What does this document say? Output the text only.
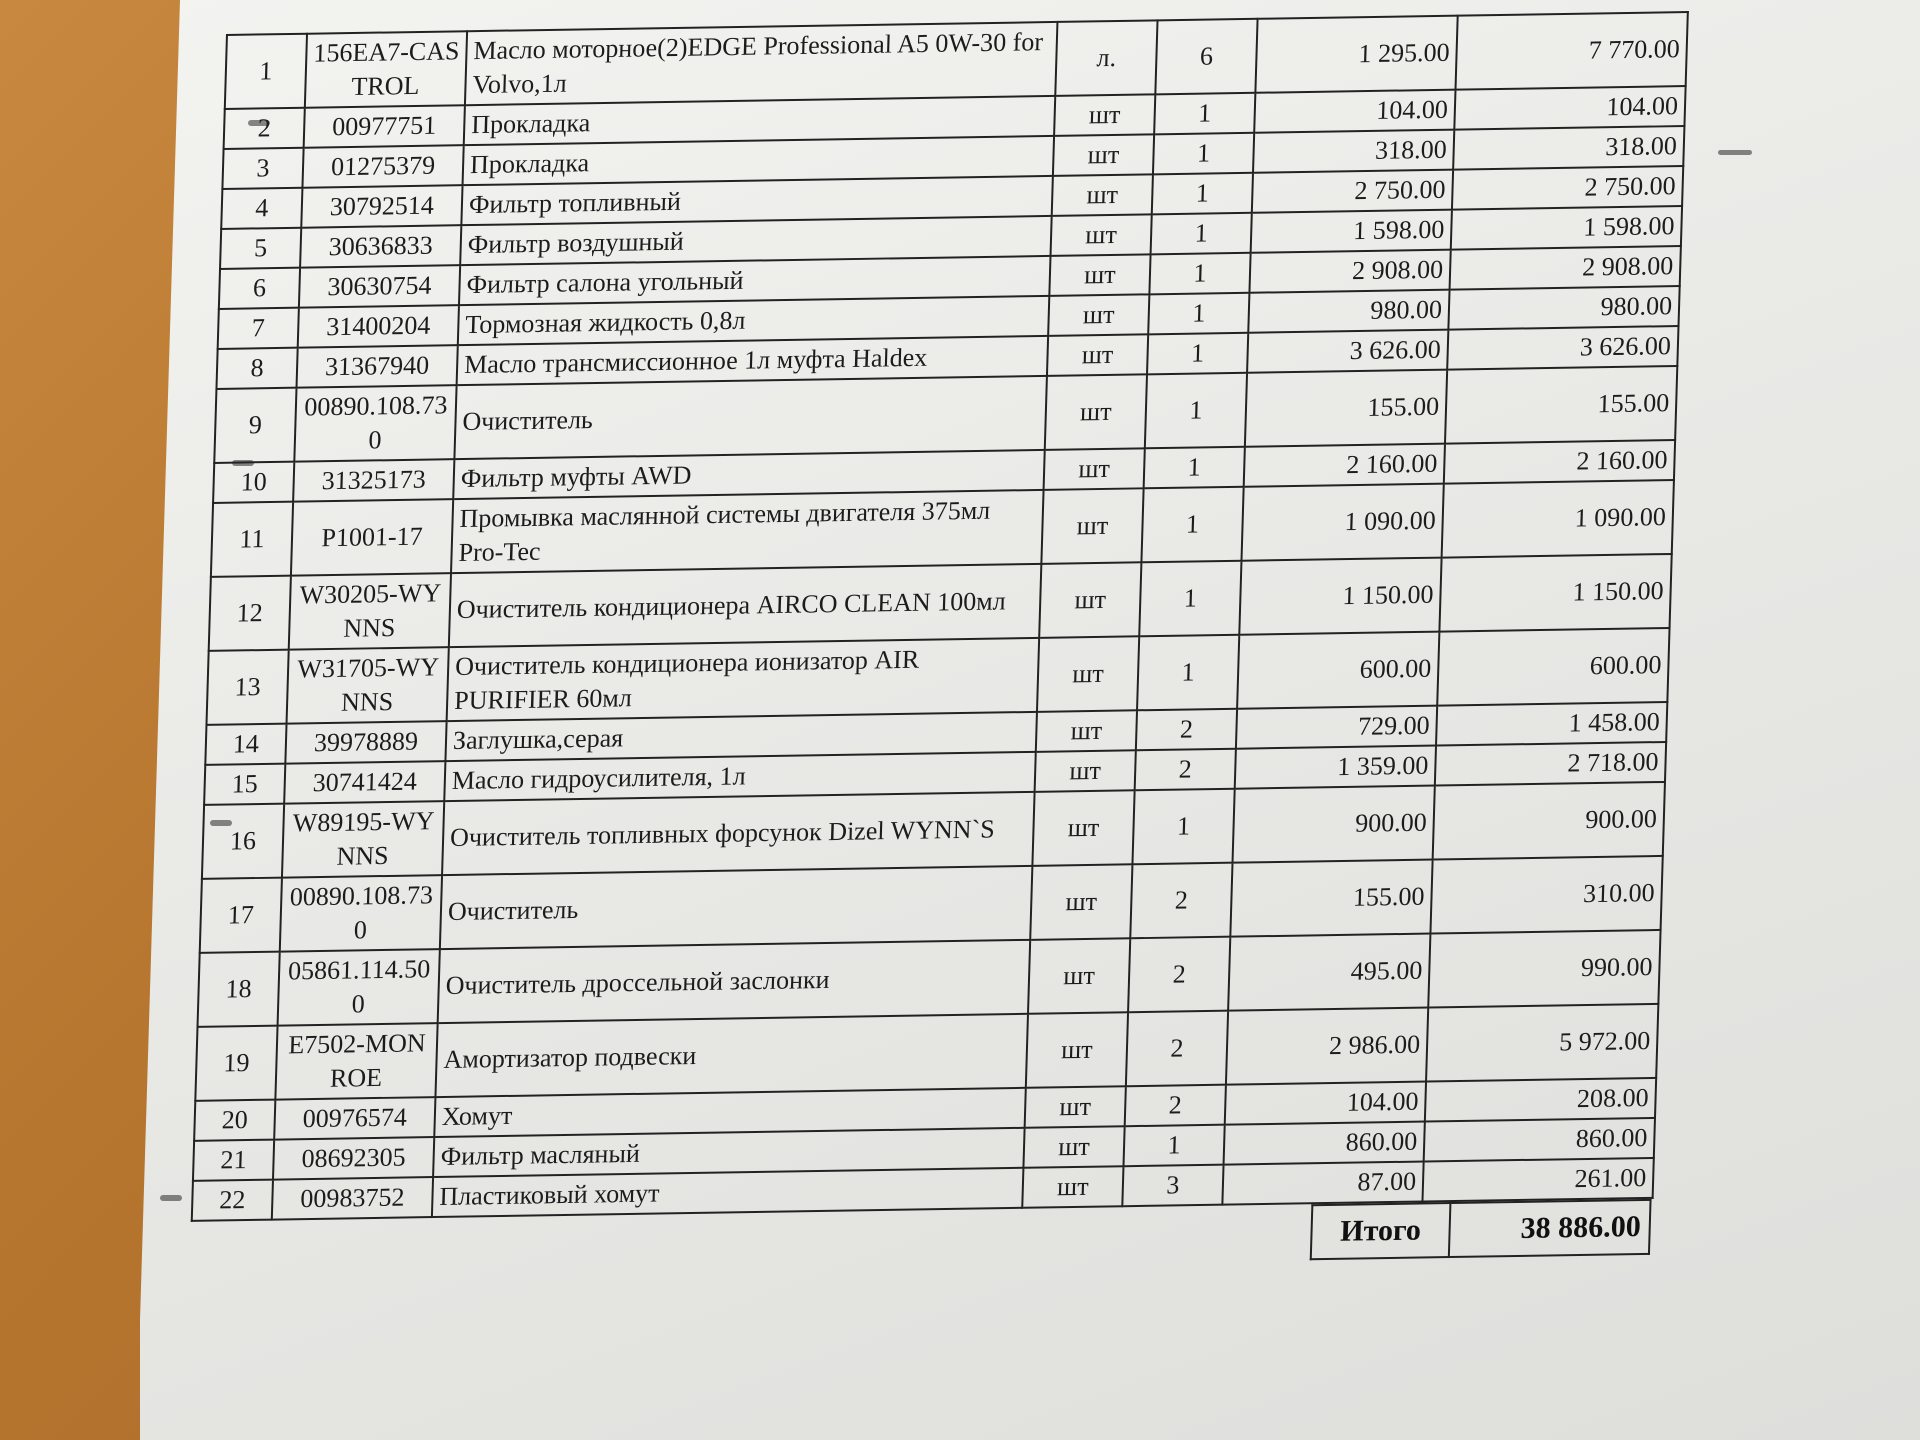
1	156EA7-CASTROL	Масло моторное(2)EDGE Professional A5 0W-30 for Volvo,1л	л.	6	1 295.00	7 770.00
2	00977751	Прокладка	шт	1	104.00	104.00
3	01275379	Прокладка	шт	1	318.00	318.00
4	30792514	Фильтр топливный	шт	1	2 750.00	2 750.00
5	30636833	Фильтр воздушный	шт	1	1 598.00	1 598.00
6	30630754	Фильтр салона угольный	шт	1	2 908.00	2 908.00
7	31400204	Тормозная жидкость 0,8л	шт	1	980.00	980.00
8	31367940	Масло трансмиссионное 1л муфта Haldex	шт	1	3 626.00	3 626.00
9	00890.108.730	Очиститель	шт	1	155.00	155.00
10	31325173	Фильтр муфты AWD	шт	1	2 160.00	2 160.00
11	P1001-17	Промывка маслянной системы двигателя 375мл Pro-Tec	шт	1	1 090.00	1 090.00
12	W30205-WYNNS	Очиститель кондиционера AIRCO CLEAN 100мл	шт	1	1 150.00	1 150.00
13	W31705-WYNNS	Очиститель кондиционера ионизатор AIR PURIFIER 60мл	шт	1	600.00	600.00
14	39978889	Заглушка,серая	шт	2	729.00	1 458.00
15	30741424	Масло гидроусилителя, 1л	шт	2	1 359.00	2 718.00
16	W89195-WYNNS	Очиститель топливных форсунок Dizel WYNN`S	шт	1	900.00	900.00
17	00890.108.730	Очиститель	шт	2	155.00	310.00
18	05861.114.500	Очиститель дроссельной заслонки	шт	2	495.00	990.00
19	E7502-MONROE	Амортизатор подвески	шт	2	2 986.00	5 972.00
20	00976574	Хомут	шт	2	104.00	208.00
21	08692305	Фильтр масляный	шт	1	860.00	860.00
22	00983752	Пластиковый хомут	шт	3	87.00	261.00
Итого	38 886.00
